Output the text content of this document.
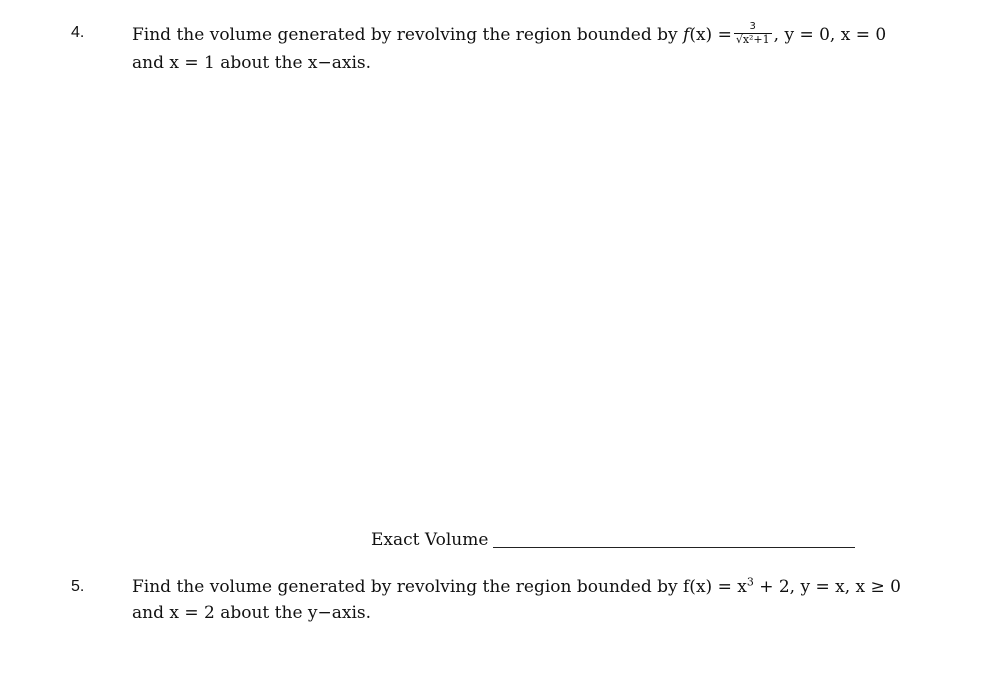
4.	Find the volume generated by revolving the region bounded by $f(x) = \frac{3}{\text{√x²+1}}$ , y = 0, x = 0
and x = 1 about the x−axis.
Exact Volume
5.	Find the volume generated by revolving the region bounded by $f(x) = x^3 + 2$, y = x, x ≥ 0
and x = 2 about the y−axis.
